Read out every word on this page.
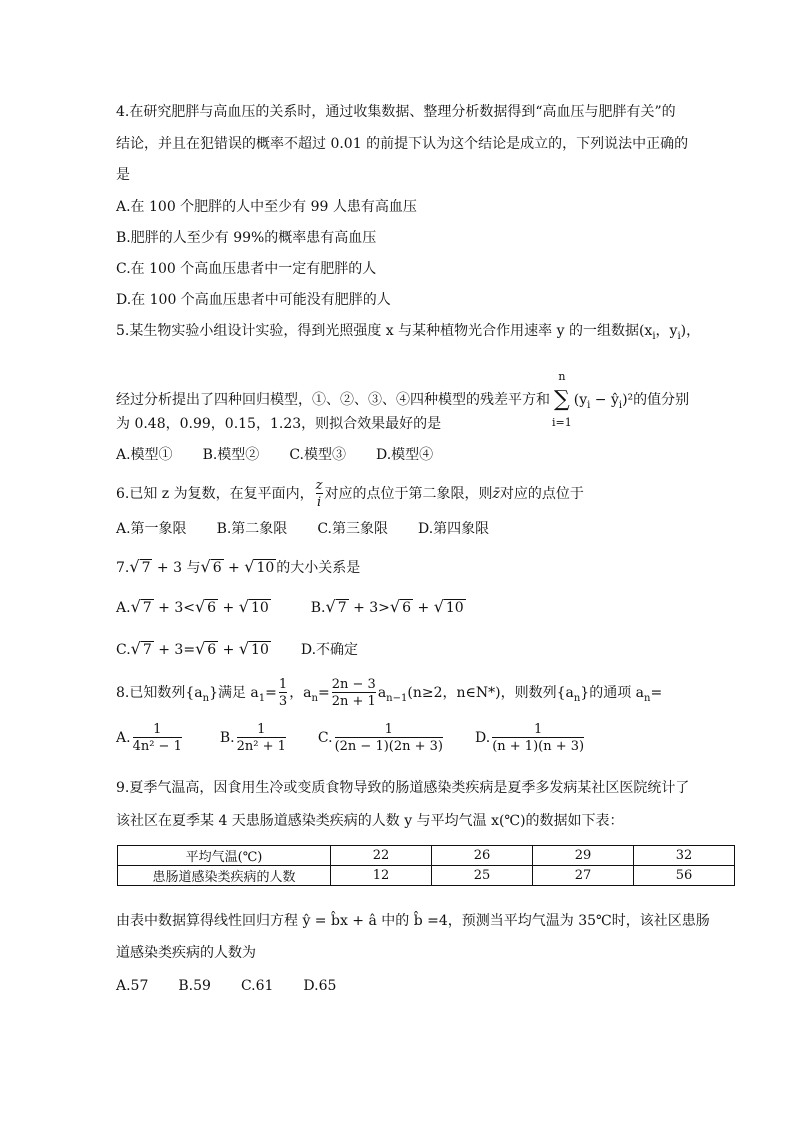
4.在研究肥胖与高血压的关系时，通过收集数据、整理分析数据得到“高血压与肥胖有关”的
结论，并且在犯错误的概率不超过 0.01 的前提下认为这个结论是成立的，下列说法中正确的
是
A.在 100 个肥胖的人中至少有 99 人患有高血压
B.肥胖的人至少有 99%的概率患有高血压
C.在 100 个高血压患者中一定有肥胖的人
D.在 100 个高血压患者中可能没有肥胖的人
5.某生物实验小组设计实验，得到光照强度 x 与某种植物光合作用速率 y 的一组数据($x_i$，$y_i$)，
经过分析提出了四种回归模型，①、②、③、④四种模型的残差平方和n
∑
$i=1(y_i$ − $ŷ_i)^2$的值分别
为 0.48，0.99，0.15，1.23，则拟合效果最好的是
A.模型① B.模型② C.模型③ D.模型④
6.已知 z 为复数，在复平面内， $\frac{z}{i}$ 对应的点位于第二象限，则z̄对应的点位于
A.第一象限 B.第二象限 C.第三象限 D.第四象限
7.√ 7 + 3 与√ 6 + √ 10 的大小关系是
A.√ 7 + 3<√ 6 + √ 10	B.√ 7 + 3>√ 6 + √ 10
C.√ 7 + 3=√ 6 + √ 10 D.不确定
8.已知数列$\{a_n\}$满足 $a_1= \frac{1}{3}$ ，$a_n= \frac{2n - 3}{2n + 1} a_{n-1}(n\ge 2$，n∈N*)，则数列$\{a_n\}$的通项 $a_n=$
A. $\frac{1}{\text{4n² − 1}}$	B. $\frac{1}{\text{2n² + 1}} C$. $\frac{1}{(2n - 1)(2n + 3)} D$. $\frac{1}{(n + 1)(n + 3)}$
9.夏季气温高，因食用生冷或变质食物导致的肠道感染类疾病是夏季多发病某社区医院统计了
该社区在夏季某 4 天患肠道感染类疾病的人数 y 与平均气温 x(℃)的数据如下表：
平均气温(℃)	22	26	29	32
患肠道感染类疾病的人数	12	25	27	56
由表中数据算得线性回归方程 ŷ = b̂x + â 中的 b̂ =4，预测当平均气温为 35℃时，该社区患肠
道感染类疾病的人数为
A.57 B.59 C.61 D.65
